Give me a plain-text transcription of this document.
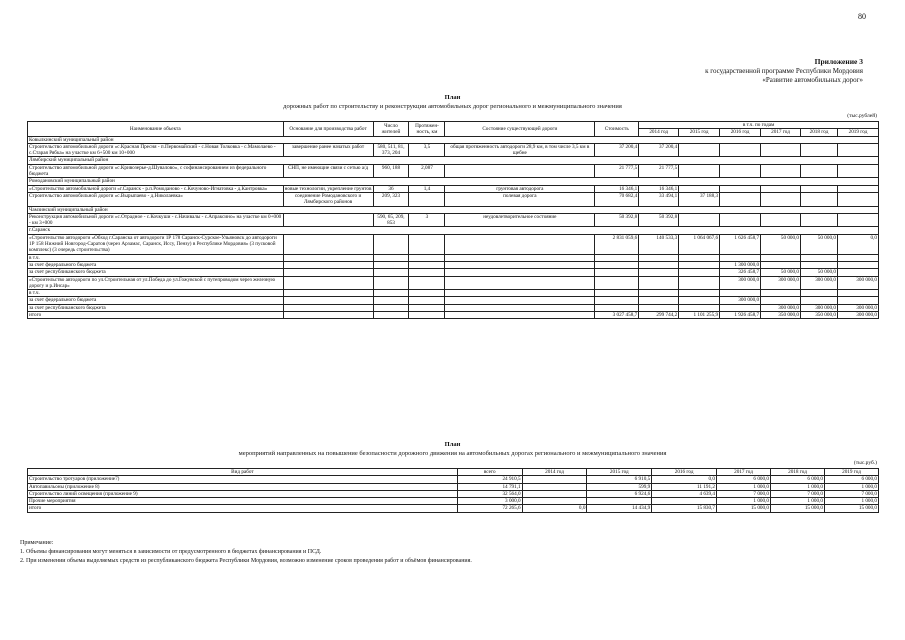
80
Приложение 3
к государственной программе Республики Мордовия
«Развитие автомобильных дорог»
План
дорожных работ по строительству и реконструкции автомобильных дорог регионального и межмуниципального значения
(тыс.рублей)
Наименование объекта	Основание для производства работ	Число жителей	Протяжен-ность, км	Состояние существующей дороги	Стоимость	в т.ч. по годам					
						2014 год	2015 год	2016 год	2017 год	2018 год	2019 год
Ковылкинский муниципальный район											
Строительство автомобильной дороги «с.Красная Пресня - п.Первомайский - с.Новая Толковка - с.Мамолаево - с.Старая Рябка» на участке км 6+500 км 10+000	завершение ранее начатых работ	580, 511, 81, 373, 204	3,5	общая протяженность автодороги 28,9 км, в том числе 3,5 км в щебне	37 200,4	37 200,4					
Лямбирский муниципальный район											
Строительство автомобильной дороги «с.Кривозерье-д.Шувалово», с софинансированием из федерального бюджета	СНП, не имеющие связи с сетью а/д	960, 188	2,087		21 777,5	21 777,5					
Ромодановский муниципальный район											
«Строительство автомобильной дороги «г.Саранск - р.п.Ромоданово - с.Кочуново-Игнатовка - д.Кантровка»	новые технологии, укрепление грунтов	36	1,4	грунтовая автодорога	16 346,1	16 346,1					
Строительство автомобильной дороги «с.Вырыпаево - д.Николаевка»	соединение Ромодановского и Лямбирского районов	209, 323		полевая дорога	70 682,4	33 494,1	37 188,3				
Чамзинский муниципальный район											
Реконструкция автомобильной дороги «с.Отрадное - с.Кочкуши - с.Начивалы - с.Апраксино» на участке км 0+000 - км 3+000		590, 65, 209, 853	3	неудовлетворительное состояние	50 392,8	50 392,8					
г.Саранск											
«Строительство автодороги «Обход г.Саранска от автодороги 1Р 178 Саранск-Сурское-Ульяновск до автодороги 1Р 158 Нижний Новгород-Саратов (через Арзамас, Саранск, Исcу, Пензу) в Республике Мордовия» (3 пусковой комплекс) (3 очередь строительства)					2 831 059,6	140 533,3	1 064 067,6	1 626 458,7	50 000,0	50 000,0	0,0
в т.ч.											
за счет федерального бюджета								1 300 000,0			
за счет республиканского бюджета								326 458,7	50 000,0	50 000,0	
«Строительство автодороги по ул.Строительная от ул.Победа до ул.Гожувской с путепроводом через железную дорогу и р.Инсар»								300 000,0	300 000,0	300 000,0	300 000,0
в т.ч.											
за счет федерального бюджета								300 000,0			
за счет республиканского бюджета									300 000,0	300 000,0	300 000,0
итого					3 027 458,7	299 744,2	1 101 255,9	1 926 458,7	350 000,0	350 000,0	300 000,0
План
мероприятий направленных на повышение безопасности дорожного движения на автомобильных дорогах регионального и межмуниципального значения
(тыс.руб.)
Вид работ	всего	2014 год	2015 год	2016 год	2017 год	2018 год	2019 год
Строительство тротуаров (приложение7)	24 910,5		6 910,5	0,0	6 000,0	6 000,0	6 000,0
Автопавильоны (приложение 8)	14 791,1		599,9	11 191,2	1 000,0	1 000,0	1 000,0
Строительство линий освещения (приложение 9)	32 564,0		6 924,6	4 639,4	7 000,0	7 000,0	7 000,0
Прочие мероприятия	3 000,0				1 000,0	1 000,0	1 000,0
итого	72 265,6	0,0	14 434,9	15 830,7	15 000,0	15 000,0	15 000,0
Примечание:
1. Объемы финансирования могут меняться в зависимости от предусмотренного в бюджетах финансирования и ПСД.
2. При изменении объема выделяемых средств из республиканского бюджета Республики Мордовия, возможно изменение сроков проведения работ и объёмов финансирования.
